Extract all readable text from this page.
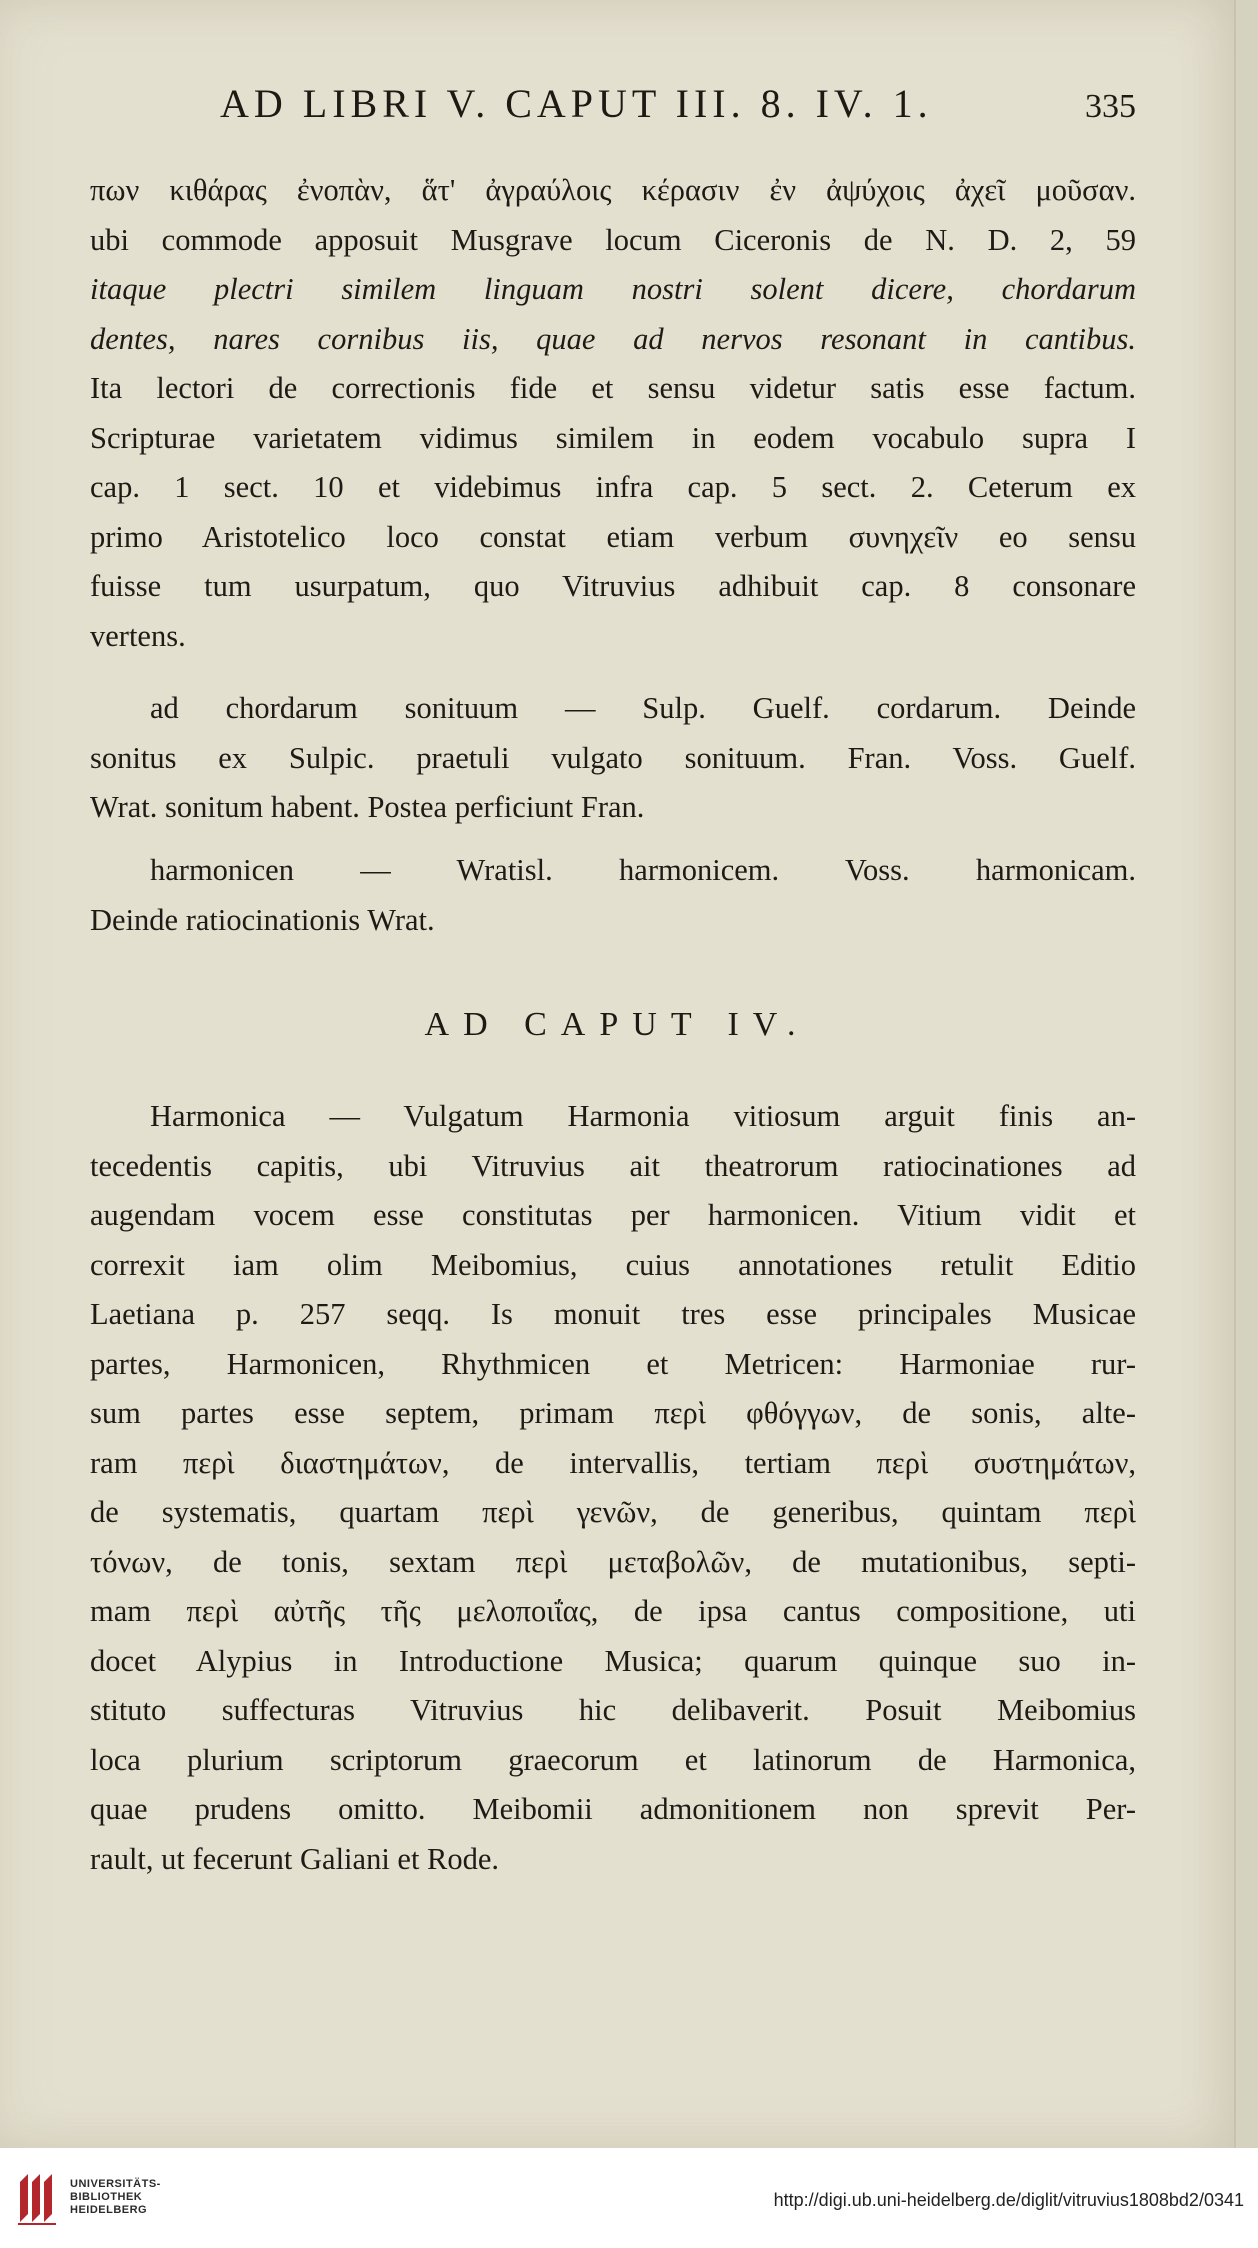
AD LIBRI V. CAPUT III. 8. IV. 1.	335
πων κιθάρας ἐνοπὰν, ἅτ' ἀγραύλοις κέρασιν ἐν ἀψύχοις ἀχεῖ μοῦσαν.
ubi commode apposuit Musgrave locum Ciceronis de N. D. 2, 59
itaque plectri similem linguam nostri solent dicere, chordarum
dentes, nares cornibus iis, quae ad nervos resonant in cantibus.
Ita lectori de correctionis fide et sensu videtur satis esse factum.
Scripturae varietatem vidimus similem in eodem vocabulo supra I
cap. 1 sect. 10 et videbimus infra cap. 5 sect. 2. Ceterum ex
primo Aristotelico loco constat etiam verbum συνηχεῖν eo sensu
fuisse tum usurpatum, quo Vitruvius adhibuit cap. 8 consonare
vertens.
ad chordarum sonituum — Sulp. Guelf. cordarum. Deinde
sonitus ex Sulpic. praetuli vulgato sonituum. Fran. Voss. Guelf.
Wrat. sonitum habent. Postea perficiunt Fran.
harmonicen — Wratisl. harmonicem. Voss. harmonicam.
Deinde ratiocinationis Wrat.
AD CAPUT IV.
Harmonica — Vulgatum Harmonia vitiosum arguit finis an-
tecedentis capitis, ubi Vitruvius ait theatrorum ratiocinationes ad
augendam vocem esse constitutas per harmonicen. Vitium vidit et
correxit iam olim Meibomius, cuius annotationes retulit Editio
Laetiana p. 257 seqq. Is monuit tres esse principales Musicae
partes, Harmonicen, Rhythmicen et Metricen: Harmoniae rur-
sum partes esse septem, primam περὶ φθόγγων, de sonis, alte-
ram περὶ διαστημάτων, de intervallis, tertiam περὶ συστημάτων,
de systematis, quartam περὶ γενῶν, de generibus, quintam περὶ
τόνων, de tonis, sextam περὶ μεταβολῶν, de mutationibus, septi-
mam περὶ αὐτῆς τῆς μελοποιΐας, de ipsa cantus compositione, uti
docet Alypius in Introductione Musica; quarum quinque suo in-
stituto suffecturas Vitruvius hic delibaverit. Posuit Meibomius
loca plurium scriptorum graecorum et latinorum de Harmonica,
quae prudens omitto. Meibomii admonitionem non sprevit Per-
rault, ut fecerunt Galiani et Rode.
UNIVERSITÄTS-
BIBLIOTHEK
HEIDELBERG	http://digi.ub.uni-heidelberg.de/diglit/vitruvius1808bd2/0341
